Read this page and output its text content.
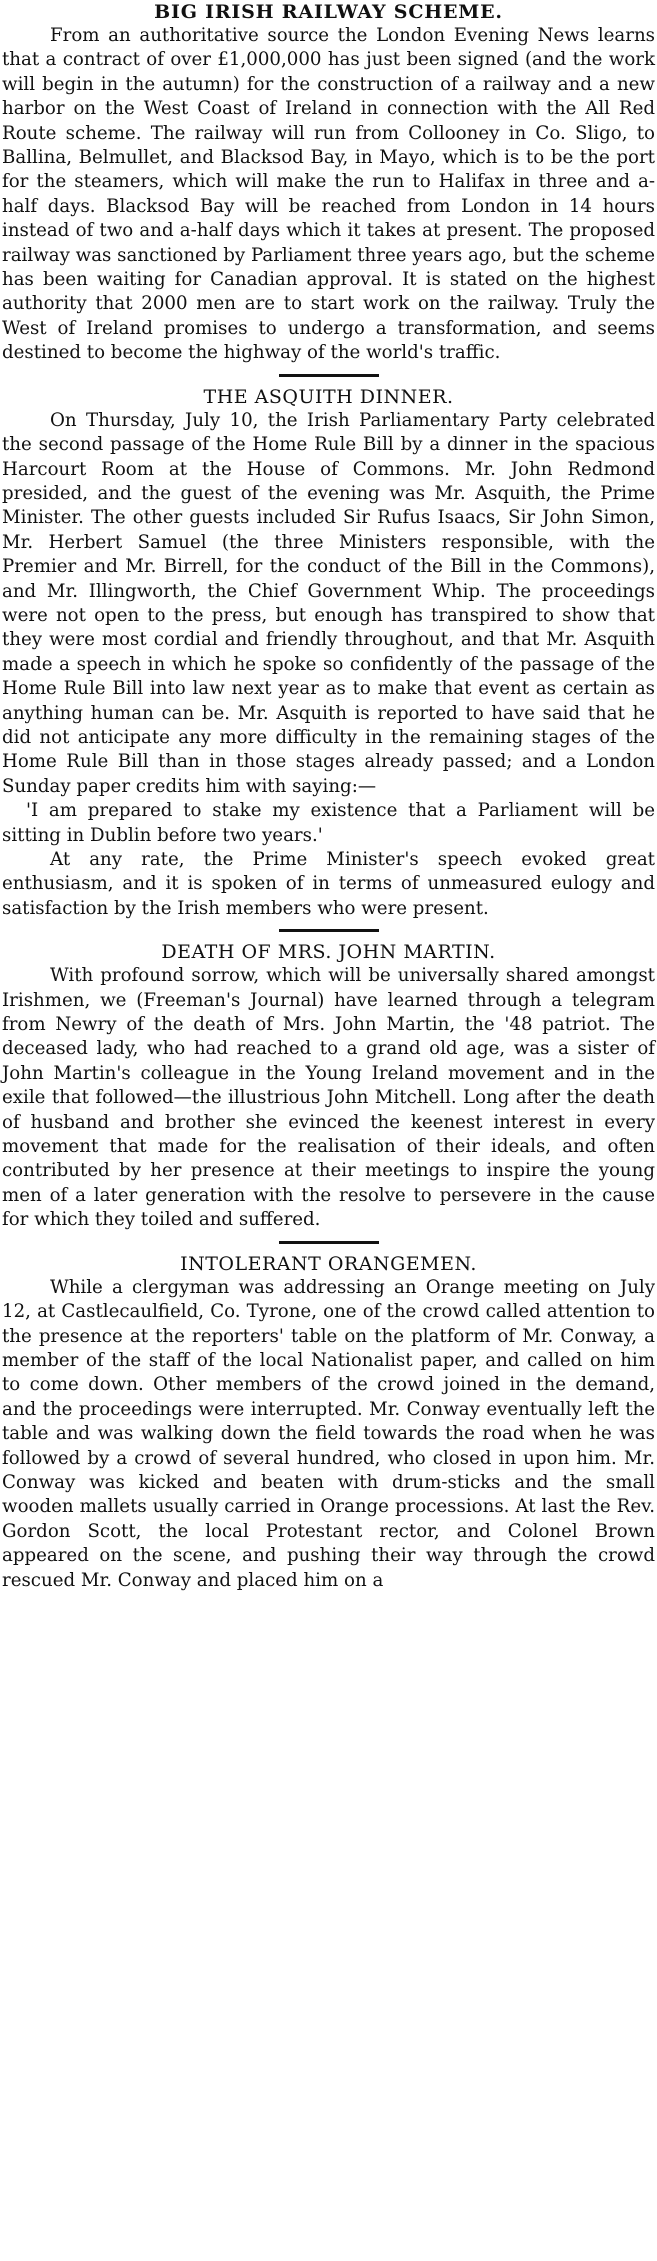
BIG IRISH RAILWAY SCHEME.

From an authoritative source the London Evening News learns that a contract of over £1,000,000 has just been signed (and the work will begin in the autumn) for the construction of a railway and a new harbor on the West Coast of Ireland in connection with the All Red Route scheme. The railway will run from Collooney in Co. Sligo, to Ballina, Belmullet, and Blacksod Bay, in Mayo, which is to be the port for the steamers, which will make the run to Halifax in three and a-half days. Blacksod Bay will be reached from London in 14 hours instead of two and a-half days which it takes at present. The proposed railway was sanctioned by Parliament three years ago, but the scheme has been waiting for Canadian approval. It is stated on the highest authority that 2000 men are to start work on the railway. Truly the West of Ireland promises to undergo a transformation, and seems destined to become the highway of the world's traffic.

THE ASQUITH DINNER.

On Thursday, July 10, the Irish Parliamentary Party celebrated the second passage of the Home Rule Bill by a dinner in the spacious Harcourt Room at the House of Commons. Mr. John Redmond presided, and the guest of the evening was Mr. Asquith, the Prime Minister. The other guests included Sir Rufus Isaacs, Sir John Simon, Mr. Herbert Samuel (the three Ministers responsible, with the Premier and Mr. Birrell, for the conduct of the Bill in the Commons), and Mr. Illingworth, the Chief Government Whip. The proceedings were not open to the press, but enough has transpired to show that they were most cordial and friendly throughout, and that Mr. Asquith made a speech in which he spoke so confidently of the passage of the Home Rule Bill into law next year as to make that event as certain as anything human can be. Mr. Asquith is reported to have said that he did not anticipate any more difficulty in the remaining stages of the Home Rule Bill than in those stages already passed; and a London Sunday paper credits him with saying:—

'I am prepared to stake my existence that a Parliament will be sitting in Dublin before two years.'

At any rate, the Prime Minister's speech evoked great enthusiasm, and it is spoken of in terms of unmeasured eulogy and satisfaction by the Irish members who were present.

DEATH OF MRS. JOHN MARTIN.

With profound sorrow, which will be universally shared amongst Irishmen, we (Freeman's Journal) have learned through a telegram from Newry of the death of Mrs. John Martin, the '48 patriot. The deceased lady, who had reached to a grand old age, was a sister of John Martin's colleague in the Young Ireland movement and in the exile that followed—the illustrious John Mitchell. Long after the death of husband and brother she evinced the keenest interest in every movement that made for the realisation of their ideals, and often contributed by her presence at their meetings to inspire the young men of a later generation with the resolve to persevere in the cause for which they toiled and suffered.

INTOLERANT ORANGEMEN.

While a clergyman was addressing an Orange meeting on July 12, at Castlecaulfield, Co. Tyrone, one of the crowd called attention to the presence at the reporters' table on the platform of Mr. Conway, a member of the staff of the local Nationalist paper, and called on him to come down. Other members of the crowd joined in the demand, and the proceedings were interrupted. Mr. Conway eventually left the table and was walking down the field towards the road when he was followed by a crowd of several hundred, who closed in upon him. Mr. Conway was kicked and beaten with drum-sticks and the small wooden mallets usually carried in Orange processions. At last the Rev. Gordon Scott, the local Protestant rector, and Colonel Brown appeared on the scene, and pushing their way through the crowd rescued Mr. Conway and placed him on a
